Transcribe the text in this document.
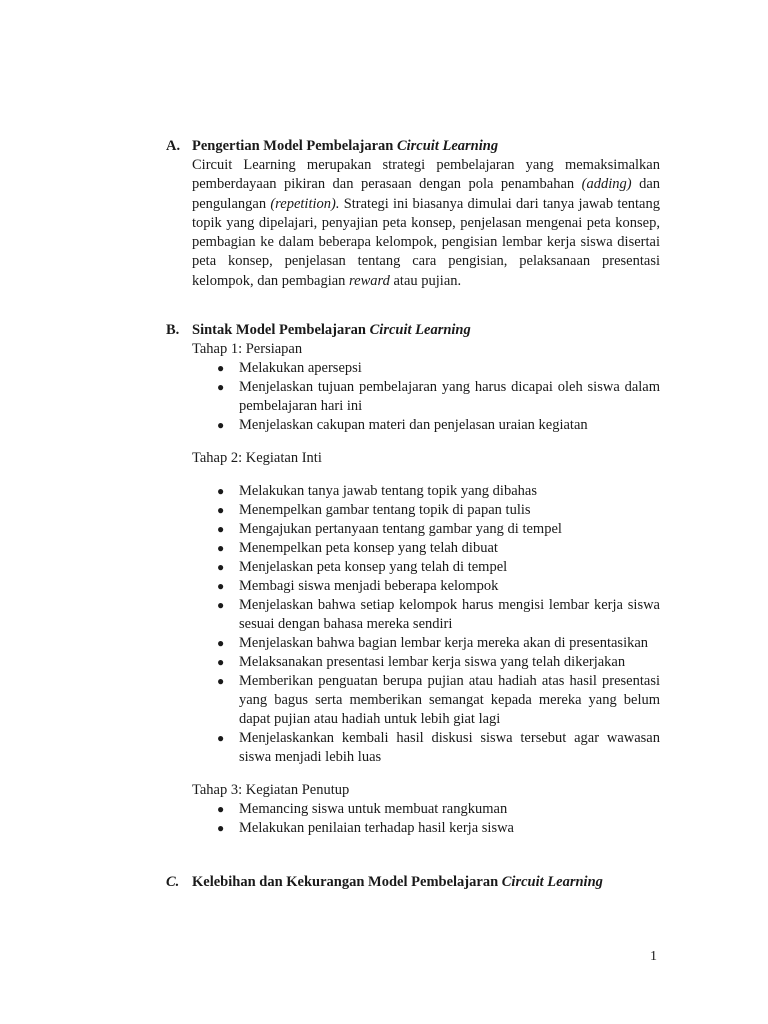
A. Pengertian Model Pembelajaran Circuit Learning
Circuit Learning merupakan strategi pembelajaran yang memaksimalkan pemberdayaan pikiran dan perasaan dengan pola penambahan (adding) dan pengulangan (repetition). Strategi ini biasanya dimulai dari tanya jawab tentang topik yang dipelajari, penyajian peta konsep, penjelasan mengenai peta konsep, pembagian ke dalam beberapa kelompok, pengisian lembar kerja siswa disertai peta konsep, penjelasan tentang cara pengisian, pelaksanaan presentasi kelompok, dan pembagian reward atau pujian.
B. Sintak Model Pembelajaran Circuit Learning
Tahap 1: Persiapan
● Melakukan apersepsi
● Menjelaskan tujuan pembelajaran yang harus dicapai oleh siswa dalam pembelajaran hari ini
● Menjelaskan cakupan materi dan penjelasan uraian kegiatan
Tahap 2: Kegiatan Inti
● Melakukan tanya jawab tentang topik yang dibahas
● Menempelkan gambar tentang topik di papan tulis
● Mengajukan pertanyaan tentang gambar yang di tempel
● Menempelkan peta konsep yang telah dibuat
● Menjelaskan peta konsep yang telah di tempel
● Membagi siswa menjadi beberapa kelompok
● Menjelaskan bahwa setiap kelompok harus mengisi lembar kerja siswa sesuai dengan bahasa mereka sendiri
● Menjelaskan bahwa bagian lembar kerja mereka akan di presentasikan
● Melaksanakan presentasi lembar kerja siswa yang telah dikerjakan
● Memberikan penguatan berupa pujian atau hadiah atas hasil presentasi yang bagus serta memberikan semangat kepada mereka yang belum dapat pujian atau hadiah untuk lebih giat lagi
● Menjelaskankan kembali hasil diskusi siswa tersebut agar wawasan siswa menjadi lebih luas
Tahap 3: Kegiatan Penutup
● Memancing siswa untuk membuat rangkuman
● Melakukan penilaian terhadap hasil kerja siswa
C. Kelebihan dan Kekurangan Model Pembelajaran Circuit Learning
1
